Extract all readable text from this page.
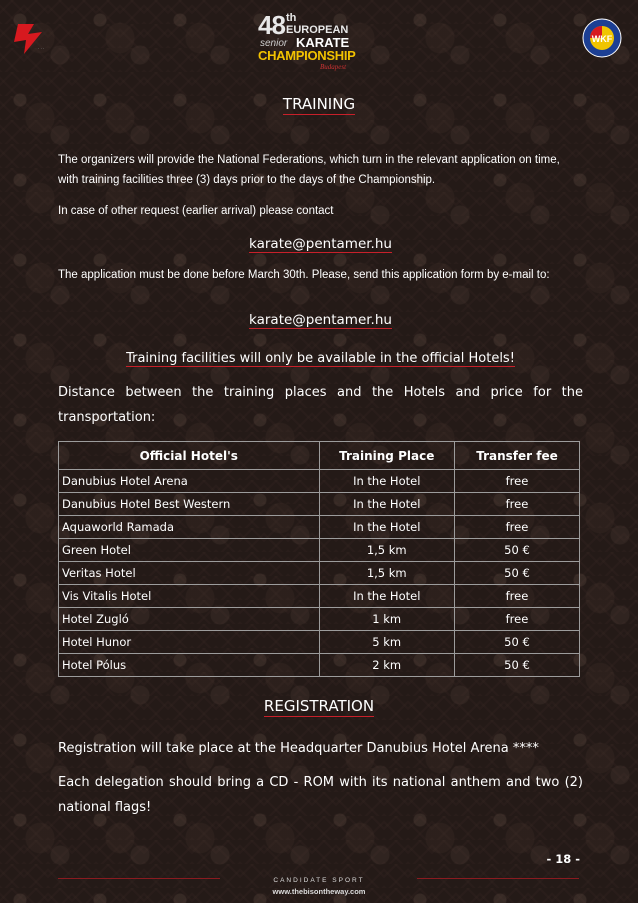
· · ·
48 th
EUROPEAN
senior KARATE
CHAMPIONSHIP
Budapest
WKF
TRAINING
The organizers will provide the National Federations, which turn in the relevant application on time, with training facilities three (3) days prior to the days of the Championship.
In case of other request (earlier arrival) please contact
karate@pentamer.hu
The application must be done before March 30th. Please, send this application form by e-mail to:
karate@pentamer.hu
Training facilities will only be available in the official Hotels!
Distance between the training places and the Hotels and price for the transportation:
Official Hotel's	Training Place	Transfer fee
Danubius Hotel Arena	In the Hotel	free
Danubius Hotel Best Western	In the Hotel	free
Aquaworld Ramada	In the Hotel	free
Green Hotel	1,5 km	50 €
Veritas Hotel	1,5 km	50 €
Vis Vitalis Hotel	In the Hotel	free
Hotel Zugló	1 km	free
Hotel Hunor	5 km	50 €
Hotel Pólus	2 km	50 €
REGISTRATION
Registration will take place at the Headquarter Danubius Hotel Arena ****
Each delegation should bring a CD - ROM with its national anthem and two (2) national flags!
- 18 -
CANDIDATE SPORT
www.thebisontheway.com
